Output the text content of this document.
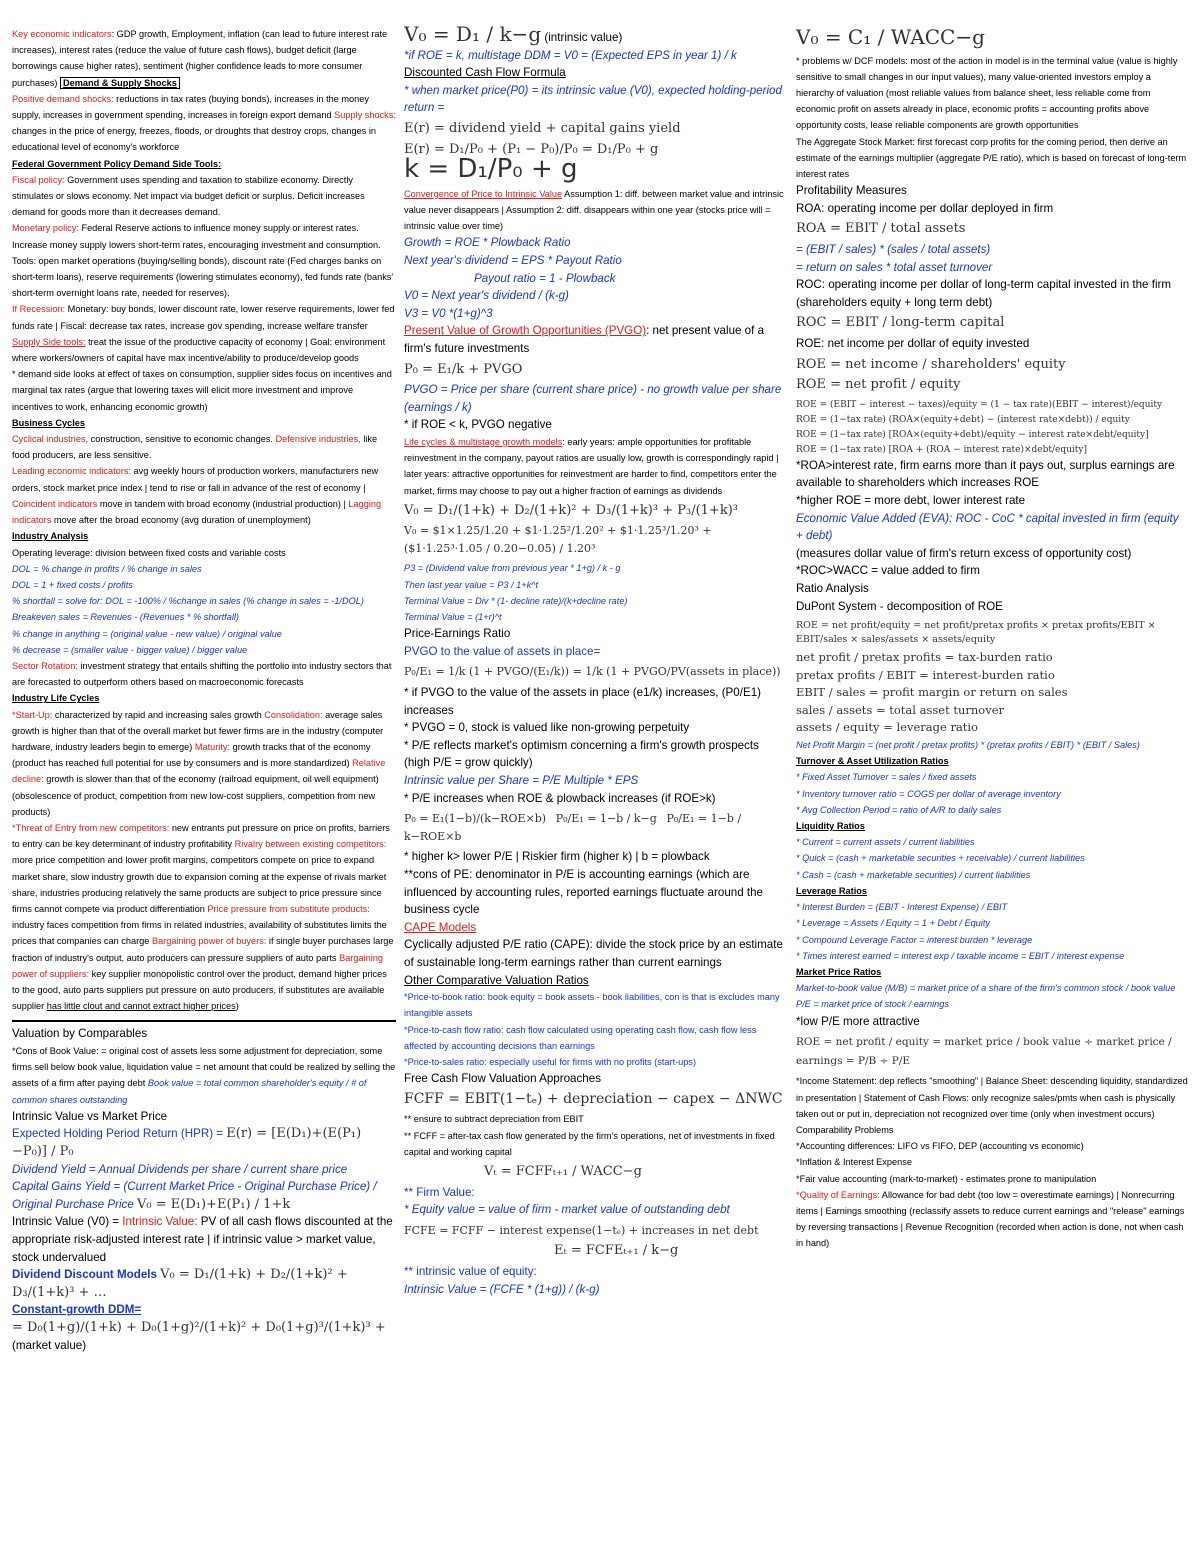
Key economic indicators: GDP growth, Employment, inflation (can lead to future interest rate increases), interest rates (reduce the value of future cash flows), budget deficit (large borrowings cause higher rates), sentiment (higher confidence leads to more consumer purchases) Demand & Supply Shocks

Positive demand shocks: reductions in tax rates (buying bonds), increases in the money supply, increases in government spending, increases in foreign export demand Supply shocks: changes in the price of energy, freezes, floods, or droughts that destroy crops, changes in educational level of economy's workforce

Federal Government Policy Demand Side Tools:

Fiscal policy: Government uses spending and taxation to stabilize economy. Directly stimulates or slows economy. Net impact via budget deficit or surplus. Deficit increases demand for goods more than it decreases demand.

Monetary policy: Federal Reserve actions to influence money supply or interest rates. Increase money supply lowers short-term rates, encouraging investment and consumption. Tools: open market operations (buying/selling bonds), discount rate (Fed charges banks on short-term loans), reserve requirements (lowering stimulates economy), fed funds rate (banks' short-term overnight loans rate, needed for reserves).

If Recession: Monetary: buy bonds, lower discount rate, lower reserve requirements, lower fed funds rate | Fiscal: decrease tax rates, increase gov spending, increase welfare transfer

Supply Side tools: treat the issue of the productive capacity of economy | Goal: environment where workers/owners of capital have max incentive/ability to produce/develop goods

* demand side looks at effect of taxes on consumption, supplier sides focus on incentives and marginal tax rates (argue that lowering taxes will elicit more investment and improve incentives to work, enhancing economic growth)

Business Cycles

Cyclical industries, construction, sensitive to economic changes. Defensive industries, like food producers, are less sensitive.

Leading economic indicators: avg weekly hours of production workers, manufacturers new orders, stock market price index | tend to rise or fall in advance of the rest of economy | Coincident indicators move in tandem with broad economy (industrial production) | Lagging indicators move after the broad economy (avg duration of unemployment)

Industry Analysis

Operating leverage: division between fixed costs and variable costs

DOL = % change in profits / % change in sales

DOL = 1 + fixed costs / profits

% shortfall = solve for: DOL = -100% / %change in sales (% change in sales = -1/DOL)

Breakeven sales = Revenues - (Revenues * % shortfall)

% change in anything = (original value - new value) / original value

% decrease = (smaller value - bigger value) / bigger value

Sector Rotation: investment strategy that entails shifting the portfolio into industry sectors that are forecasted to outperform others based on macroeconomic forecasts

Industry Life Cycles

*Start-Up: characterized by rapid and increasing sales growth Consolidation: average sales growth is higher than that of the overall market but fewer firms are in the industry (computer hardware, industry leaders begin to emerge) Maturity: growth tracks that of the economy (product has reached full potential for use by consumers and is more standardized) Relative decline: growth is slower than that of the economy (railroad equipment, oil well equipment) (obsolescence of product, competition from new low-cost suppliers, competition from new products)

*Threat of Entry from new competitors: new entrants put pressure on price on profits, barriers to entry can be key determinant of industry profitability Rivalry between existing competitors: more price competition and lower profit margins, competitors compete on price to expand market share, slow industry growth due to expansion coming at the expense of rivals market share, industries producing relatively the same products are subject to price pressure since firms cannot compete via product differentiation Price pressure from substitute products: industry faces competition from firms in related industries, availability of substitutes limits the prices that companies can charge Bargaining power of buyers: if single buyer purchases large fraction of industry's output, auto producers can pressure suppliers of auto parts Bargaining power of suppliers: key supplier monopolistic control over the product, demand higher prices to the good, auto parts suppliers put pressure on auto producers, if substitutes are available supplier has little clout and cannot extract higher prices)

Valuation by Comparables

*Cons of Book Value: = original cost of assets less some adjustment for depreciation, some firms sell below book value, liquidation value = net amount that could be realized by selling the assets of a firm after paying debt Book value = total common shareholder's equity / # of common shares outstanding

Intrinsic Value vs Market Price

Expected Holding Period Return (HPR) = E(r) = [E(D₁)+(E(P₁)−P₀)] / P₀

Dividend Yield = Annual Dividends per share / current share price

Capital Gains Yield = (Current Market Price - Original Purchase Price) / Original Purchase Price V₀ = E(D₁)+E(P₁) / 1+k

Intrinsic Value (V0) = Intrinsic Value: PV of all cash flows discounted at the appropriate risk-adjusted interest rate | if intrinsic value > market value, stock undervalued

Dividend Discount Models V₀ = D₁/(1+k) + D₂/(1+k)² + D₃/(1+k)³ + …

Constant-growth DDM=

= D₀(1+g)/(1+k) + D₀(1+g)²/(1+k)² + D₀(1+g)³/(1+k)³ + (market value)

V₀ = D₁ / k−g (intrinsic value)

*if ROE = k, multistage DDM = V0 = (Expected EPS in year 1) / k

Discounted Cash Flow Formula

* when market price(P0) = its intrinsic value (V0), expected holding-period return =

E(r) = dividend yield + capital gains yield

E(r) = D₁/P₀ + (P₁ − P₀)/P₀ = D₁/P₀ + g

k = D₁/P₀ + g

Convergence of Price to Intrinsic Value Assumption 1: diff. between market value and intrinsic value never disappears | Assumption 2: diff. disappears within one year (stocks price will = intrinsic value over time)

Growth = ROE * Plowback Ratio

Next year's dividend = EPS * Payout Ratio

Payout ratio = 1 - Plowback

V0 = Next year's dividend / (k-g)

V3 = V0 *(1+g)^3

Present Value of Growth Opportunities (PVGO): net present value of a firm's future investments

P₀ = E₁/k + PVGO

PVGO = Price per share (current share price) - no growth value per share (earnings / k)

* if ROE < k, PVGO negative

Life cycles & multistage growth models: early years: ample opportunities for profitable reinvestment in the company, payout ratios are usually low, growth is correspondingly rapid | later years: attractive opportunities for reinvestment are harder to find, competitors enter the market, firms may choose to pay out a higher fraction of earnings as dividends

V₀ = D₁/(1+k) + D₂/(1+k)² + D₃/(1+k)³ + P₃/(1+k)³

V₀ = $1×1.25/1.20 + $1·1.25²/1.20² + $1·1.25³/1.20³ + ($1·1.25³·1.05 / 0.20−0.05) / 1.20³

P3 = (Dividend value from previous year * 1+g) / k - g

Then last year value = P3 / 1+k^t

Terminal Value = Div * (1- decline rate)/(k+decline rate)

Terminal Value = (1+r)^t

Price-Earnings Ratio

PVGO to the value of assets in place=

P₀/E₁ = 1/k (1 + PVGO/(E₁/k)) = 1/k (1 + PVGO/PV(assets in place))

* if PVGO to the value of the assets in place (e1/k) increases, (P0/E1) increases

* PVGO = 0, stock is valued like non-growing perpetuity

* P/E reflects market's optimism concerning a firm's growth prospects (high P/E = grow quickly)

Intrinsic value per Share = P/E Multiple * EPS

* P/E increases when ROE & plowback increases (if ROE>k)

P₀ = E₁(1−b)/(k−ROE×b) P₀/E₁ = 1−b / k−g P₀/E₁ = 1−b / k−ROE×b

* higher k> lower P/E | Riskier firm (higher k) | b = plowback

**cons of PE: denominator in P/E is accounting earnings (which are influenced by accounting rules, reported earnings fluctuate around the business cycle

CAPE Models

Cyclically adjusted P/E ratio (CAPE): divide the stock price by an estimate of sustainable long-term earnings rather than current earnings

Other Comparative Valuation Ratios

*Price-to-book ratio: book equity = book assets - book liabilities, con is that is excludes many intangible assets

*Price-to-cash flow ratio: cash flow calculated using operating cash flow, cash flow less affected by accounting decisions than earnings

*Price-to-sales ratio: especially useful for firms with no profits (start-ups)

Free Cash Flow Valuation Approaches

FCFF = EBIT(1−tₑ) + depreciation − capex − ΔNWC

** ensure to subtract depreciation from EBIT

** FCFF = after-tax cash flow generated by the firm's operations, net of investments in fixed capital and working capital

Vₜ = FCFFₜ₊₁ / WACC−g

** Firm Value:

* Equity value = value of firm - market value of outstanding debt

FCFE = FCFF − interest expense(1−tₑ) + increases in net debt

Eₜ = FCFEₜ₊₁ / k−g

** intrinsic value of equity:

Intrinsic Value = (FCFE * (1+g)) / (k-g)

V₀ = C₁ / WACC−g

* problems w/ DCF models: most of the action in model is in the terminal value (value is highly sensitive to small changes in our input values), many value-oriented investors employ a hierarchy of valuation (most reliable values from balance sheet, less reliable come from economic profit on assets already in place, economic profits = accounting profits above opportunity costs, lease reliable components are growth opportunities

The Aggregate Stock Market: first forecast corp profits for the coming period, then derive an estimate of the earnings multiplier (aggregate P/E ratio), which is based on forecast of long-term interest rates

Profitability Measures

ROA: operating income per dollar deployed in firm

ROA = EBIT / total assets

= (EBIT / sales) * (sales / total assets)

= return on sales * total asset turnover

ROC: operating income per dollar of long-term capital invested in the firm (shareholders equity + long term debt)

ROC = EBIT / long-term capital

ROE: net income per dollar of equity invested

ROE = net income / shareholders' equity

ROE = net profit / equity

ROE = (EBIT − interest − taxes)/equity = (1 − tax rate)(EBIT − interest)/equity

ROE = (1−tax rate) (ROA×(equity+debt) − (interest rate×debt)) / equity

ROE = (1−tax rate) [ROA×(equity+debt)/equity − interest rate×debt/equity]

ROE = (1−tax rate) [ROA + (ROA − interest rate)×debt/equity]

*ROA>interest rate, firm earns more than it pays out, surplus earnings are available to shareholders which increases ROE

*higher ROE = more debt, lower interest rate

Economic Value Added (EVA): ROC - CoC * capital invested in firm (equity + debt)

(measures dollar value of firm's return excess of opportunity cost)

*ROC>WACC = value added to firm

Ratio Analysis

DuPont System - decomposition of ROE

ROE = net profit/equity = net profit/pretax profits × pretax profits/EBIT × EBIT/sales × sales/assets × assets/equity

net profit / pretax profits = tax-burden ratio

pretax profits / EBIT = interest-burden ratio

EBIT / sales = profit margin or return on sales

sales / assets = total asset turnover

assets / equity = leverage ratio

Net Profit Margin = (net profit / pretax profits) * (pretax profits / EBIT) * (EBIT / Sales)

Turnover & Asset Utilization Ratios

* Fixed Asset Turnover = sales / fixed assets

* Inventory turnover ratio = COGS per dollar of average inventory

* Avg Collection Period = ratio of A/R to daily sales

Liquidity Ratios

* Current = current assets / current liabilities

* Quick = (cash + marketable securities + receivable) / current liabilities

* Cash = (cash + marketable securities) / current liabilities

Leverage Ratios

* Interest Burden = (EBIT - Interest Expense) / EBIT

* Leverage = Assets / Equity = 1 + Debt / Equity

* Compound Leverage Factor = interest burden * leverage

* Times interest earned = interest exp / taxable income = EBIT / interest expense

Market Price Ratios

Market-to-book value (M/B) = market price of a share of the firm's common stock / book value

P/E = market price of stock / earnings

*low P/E more attractive

ROE = net profit / equity = market price / book value ÷ market price / earnings = P/B ÷ P/E

*Income Statement: dep reflects "smoothing" | Balance Sheet: descending liquidity, standardized in presentation | Statement of Cash Flows: only recognize sales/pmts when cash is physically taken out or put in, depreciation not recognized over time (only when investment occurs)

Comparability Problems

*Accounting differences: LIFO vs FIFO, DEP (accounting vs economic)

*Inflation & Interest Expense

*Fair value accounting (mark-to-market) - estimates prone to manipulation

*Quality of Earnings: Allowance for bad debt (too low = overestimate earnings) | Nonrecurring items | Earnings smoothing (reclassify assets to reduce current earnings and "release" earnings by reversing transactions | Revenue Recognition (recorded when action is done, not when cash in hand)
